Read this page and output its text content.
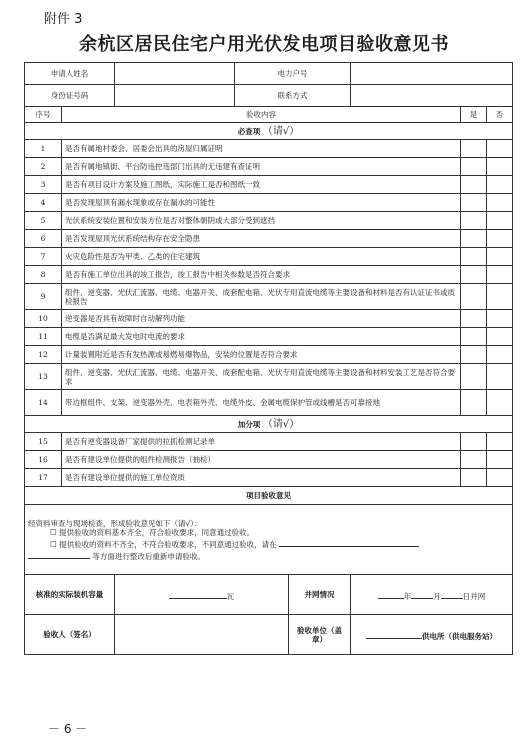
附件 3
余杭区居民住宅户用光伏发电项目验收意见书
申请人姓名			电力户号				
身份证号码			联系方式				
序号	验收内容					是	否
必查项 （请√）							
1	是否有属地村委会、居委会出具的房屋归属证明						
2	是否有属地镇街、平台防违控违部门出具的无违建有查证明						
3	是否有项目设计方案及施工图纸，实际施工是否和图纸一致						
4	是否发现屋顶有漏水现象或存在漏水的可能性						
5	光伏系统安装位置和安装方位是否对整体朝阴或大部分受到遮挡						
6	是否发现屋顶光伏系统结构存在安全隐患						
7	火灾危险性是否为甲类、乙类的住宅建筑						
8	是否有施工单位出具的竣工报告，竣工报告中相关参数是否符合要求						
9	组件、逆变器、光伏汇流器、电缆、电器开关、成套配电箱、光伏专用直流电缆等主要设备和材料是否有认证证书或质检报告						
10	逆变器是否具有故障时自动解列功能						
11	电缆是否满足最大发电时电流的要求						
12	计量装置附近是否有发热源或易燃易爆物品，安装的位置是否符合要求						
13	组件、逆变器、光伏汇流器、电缆、电器开关、成套配电箱、光伏专用直流电缆等主要设备和材料安装工艺是否符合要求						
14	带边框组件、支架、逆变器外壳、电表箱外壳、电缆外皮、金属电缆保护管或线槽是否可靠接地						
加分项 （请√）							
15	是否有逆变器设备厂家提供的拉抓检测记录单						
16	是否有建设单位提供的组件检测报告（抽检）						
17	是否有建设单位提供的施工单位资质						
项目验收意见							

经资料审查与现场检查，形成验收意见如下（请√）：
☐ 提供验收的资料基本齐全，符合验收要求，同意通过验收。
☐ 提供验收的资料不齐全，不符合验收要求，不同意通过验收，请在
等方面进行整改后重新申请验收。							

核准的实际装机容量		瓦		并网情况	年 月 日并网		
验收人（签名）				验收单位（盖章）	供电所（供电服务站）		
－ 6 －
